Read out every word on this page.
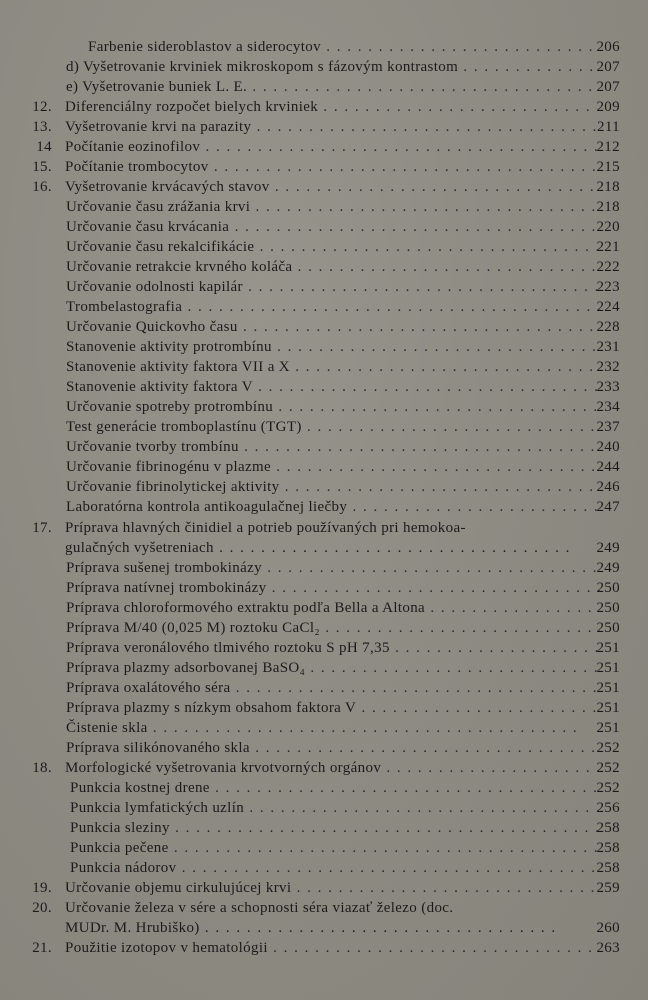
Farbenie sideroblastov a siderocytov . .	206
d) Vyšetrovanie krviniek mikroskopom s fázovým kontrastom . .	207
e) Vyšetrovanie buniek L. E. . .	207
12. Diferenciálny rozpočet bielych krviniek . .	209
13. Vyšetrovanie krvi na parazity . .	211
14 Počítanie eozinofilov . .	212
15. Počítanie trombocytov . .	215
16. Vyšetrovanie krvácavých stavov . .	218
Určovanie času zrážania krvi . .	218
Určovanie času krvácania . .	220
Určovanie času rekalcifikácie . .	221
Určovanie retrakcie krvného koláča . .	222
Určovanie odolnosti kapilár . .	223
Trombelastografia . .	224
Určovanie Quickovho času . .	228
Stanovenie aktivity protrombínu . .	231
Stanovenie aktivity faktora VII a X . .	232
Stanovenie aktivity faktora V . .	233
Určovanie spotreby protrombínu . .	234
Test generácie tromboplastínu (TGT) . .	237
Určovanie tvorby trombínu . .	240
Určovanie fibrinogénu v plazme . .	244
Určovanie fibrinolytickej aktivity . .	246
Laboratórna kontrola antikoagulačnej liečby . .	247
17. Príprava hlavných činidiel a potrieb používaných pri hemokoa-
gulačných vyšetreniach . .	249
Príprava sušenej trombokinázy . .	249
Príprava natívnej trombokinázy . .	250
Príprava chloroformového extraktu podľa Bella a Altona . .	250
Príprava M/40 (0,025 M) roztoku CaCl₂ . .	250
Príprava veronálového tlmivého roztoku S pH 7,35 . .	251
Príprava plazmy adsorbovanej BaSO₄ . .	251
Príprava oxalátového séra . .	251
Príprava plazmy s nízkym obsahom faktora V . .	251
Čistenie skla . .	251
Príprava silikónovaného skla . .	252
18. Morfologické vyšetrovania krvotvorných orgánov . .	252
Punkcia kostnej drene . .	252
Punkcia lymfatických uzlín . .	256
Punkcia sleziny . .	258
Punkcia pečene . .	258
Punkcia nádorov . .	258
19. Určovanie objemu cirkulujúcej krvi . .	259
20. Určovanie železa v sére a schopnosti séra viazať železo (doc.
MUDr. M. Hrubiško) . .	260
21. Použitie izotopov v hematológii . .	263
